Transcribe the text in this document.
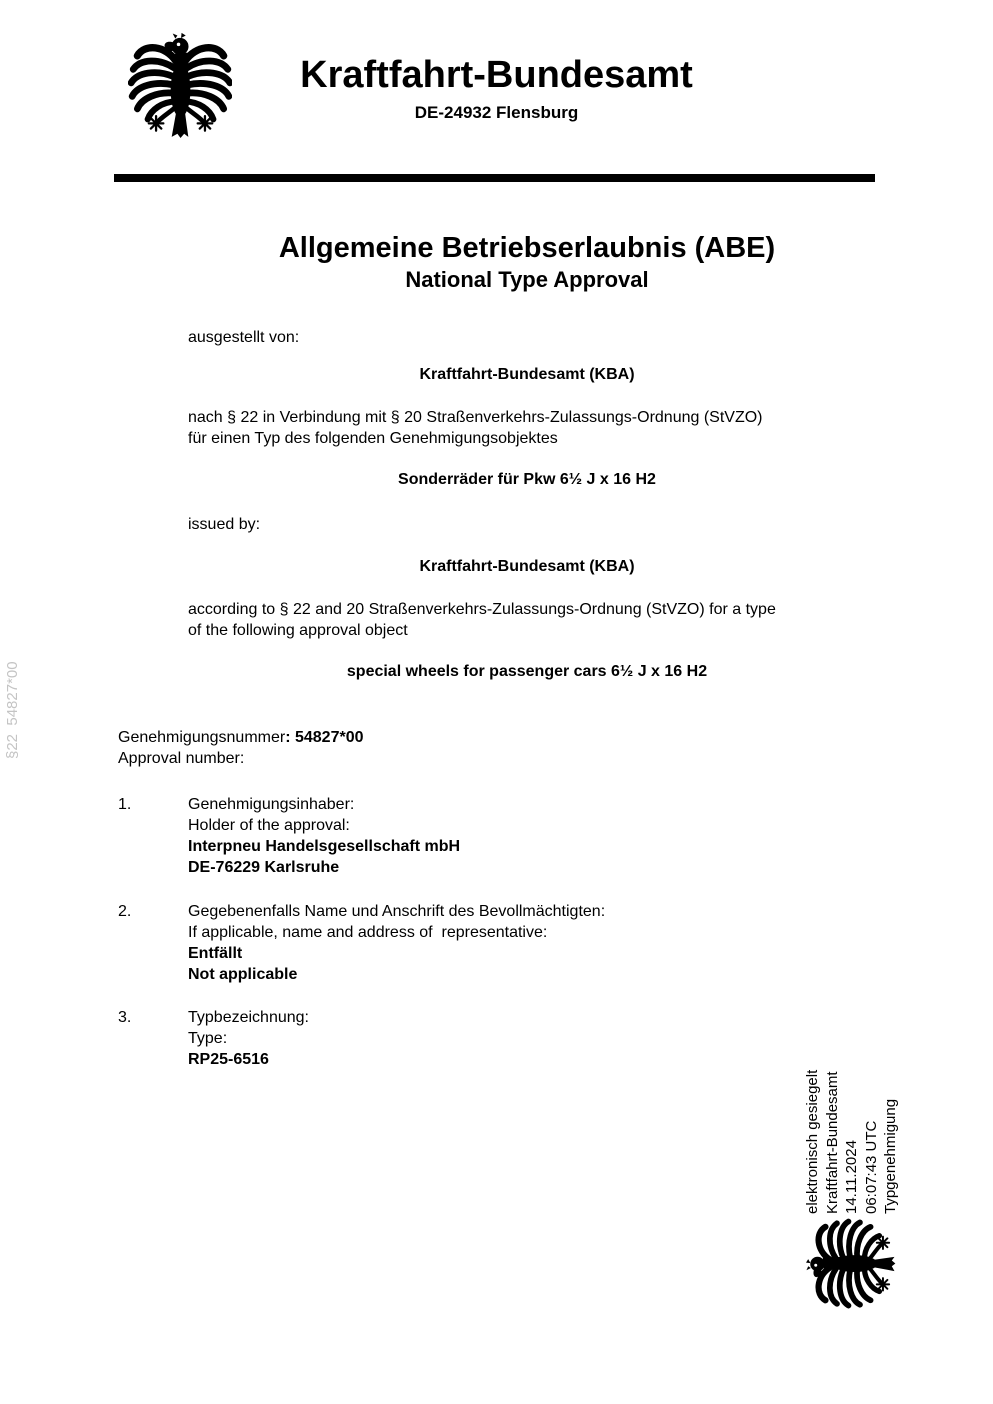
Kraftfahrt-Bundesamt
DE-24932 Flensburg
Allgemeine Betriebserlaubnis (ABE)
National Type Approval
ausgestellt von:
Kraftfahrt-Bundesamt (KBA)
nach § 22 in Verbindung mit § 20 Straßenverkehrs-Zulassungs-Ordnung (StVZO)
für einen Typ des folgenden Genehmigungsobjektes
Sonderräder für Pkw 6½ J x 16 H2
issued by:
Kraftfahrt-Bundesamt (KBA)
according to § 22 and 20 Straßenverkehrs-Zulassungs-Ordnung (StVZO) for a type
of the following approval object
special wheels for passenger cars 6½ J x 16 H2
Genehmigungsnummer: 54827*00
Approval number:
1.	Genehmigungsinhaber:
Holder of the approval:
Interpneu Handelsgesellschaft mbH
DE-76229 Karlsruhe
2.	Gegebenenfalls Name und Anschrift des Bevollmächtigten:
If applicable, name and address of  representative:
Entfällt
Not applicable
3.	Typbezeichnung:
Type:
RP25-6516
§22  54827*00
elektronisch gesiegelt Kraftfahrt-Bundesamt 14.11.2024 06:07:43 UTC Typgenehmigung
